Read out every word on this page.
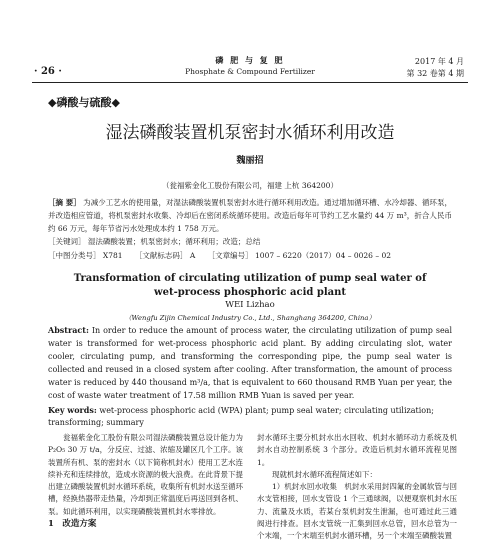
· 26 ·
磷 肥 与 复 肥
Phosphate & Compound Fertilizer
2017 年 4 月
第 32 卷第 4 期
◆磷酸与硫酸◆
湿法磷酸装置机泵密封水循环利用改造
魏丽招
（瓮福紫金化工股份有限公司，福建 上杭 364200）
［摘 要］ 为减少工艺水的使用量，对湿法磷酸装置机泵密封水进行循环利用改造。通过增加循环槽、水冷却器、循环泵，并改造相应管道，将机泵密封水收集、冷却后在密闭系统循环使用。改造后每年可节约工艺水量约 44 万 m³，折合人民币约 66 万元，每年节省污水处理成本约 1 758 万元。
［关键词］ 湿法磷酸装置；机泵密封水；循环利用；改造；总结
［中图分类号］ X781 ［文献标志码］ A ［文章编号］ 1007 – 6220（2017）04 – 0026 – 02
Transformation of circulating utilization of pump seal water of
wet-process phosphoric acid plant
WEI Lizhao
（Wengfu Zijin Chemical Industry Co., Ltd., Shanghang 364200, China）
Abstract: In order to reduce the amount of process water, the circulating utilization of pump seal water is transformed for wet-process phosphoric acid plant. By adding circulating slot, water cooler, circulating pump, and transforming the corresponding pipe, the pump seal water is collected and reused in a closed system after cooling. After transformation, the amount of process water is reduced by 440 thousand m³/a, that is equivalent to 660 thousand RMB Yuan per year, the cost of waste water treatment of 17.58 million RMB Yuan is saved per year.
Key words: wet-process phosphoric acid (WPA) plant; pump seal water; circulating utilization; transforming; summary

瓮福紫金化工股份有限公司湿法磷酸装置总设计能力为 P₂O₅ 30 万 t/a，分反应、过滤、浓缩及罐区几个工序。该装置所有机、泵的密封水（以下简称机封水）使用工艺水连续补充和连续排放，造成水资源的极大浪费。在此背景下提出建立磷酸装置机封水循环系统，收集所有机封水送至循环槽，经换热器带走热量，冷却到正常温度后再送回到各机、泵。如此循环利用，以实现磷酸装置机封水零排放。

1　改造方案

封水循环主要分机封水出水回收、机封水循环动力系统及机封水自动控制系统 3 个部分。改造后机封水循环流程见图 1。

现就机封水循环流程简述如下：

1）机封水回水收集　机封水采用封四氟的金属软管与回水支管相接，回水支管设 1 个三通球阀，以便观察机封水压力、流量及水质，若某台泵机封发生泄漏，也可通过此三通阀进行排查。回水支管统一汇集到回水总管，回水总管为一个末端，一个末端至机封水循环槽，另一个末端至磷酸装置
